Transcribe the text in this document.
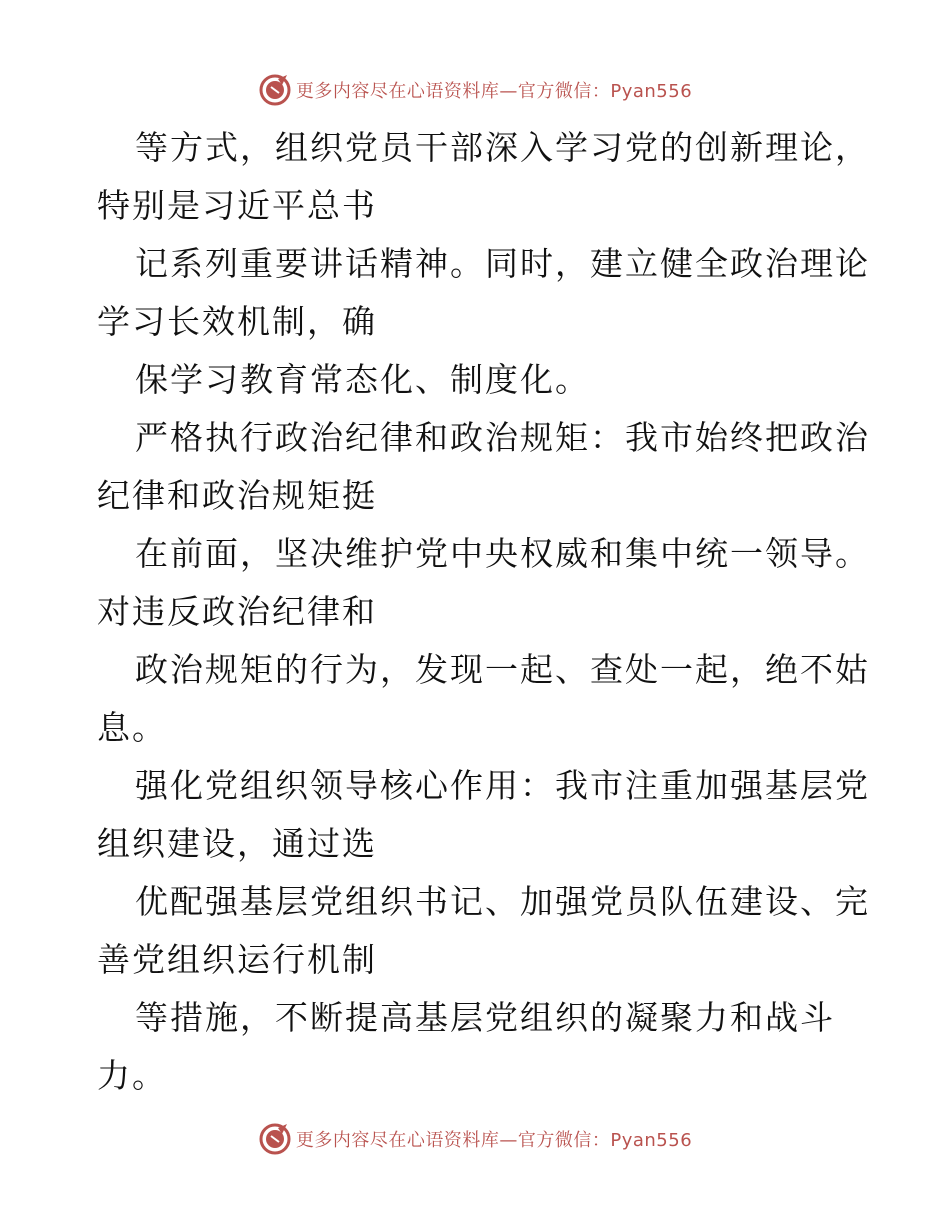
更多内容尽在心语资料库—官方微信：Pyan556
等方式，组织党员干部深入学习党的创新理论，
特别是习近平总书
记系列重要讲话精神。同时，建立健全政治理论
学习长效机制，确
保学习教育常态化、制度化。
严格执行政治纪律和政治规矩：我市始终把政治
纪律和政治规矩挺
在前面，坚决维护党中央权威和集中统一领导。
对违反政治纪律和
政治规矩的行为，发现一起、查处一起，绝不姑
息。
强化党组织领导核心作用：我市注重加强基层党
组织建设，通过选
优配强基层党组织书记、加强党员队伍建设、完
善党组织运行机制
等措施，不断提高基层党组织的凝聚力和战斗
力。
更多内容尽在心语资料库—官方微信：Pyan556
